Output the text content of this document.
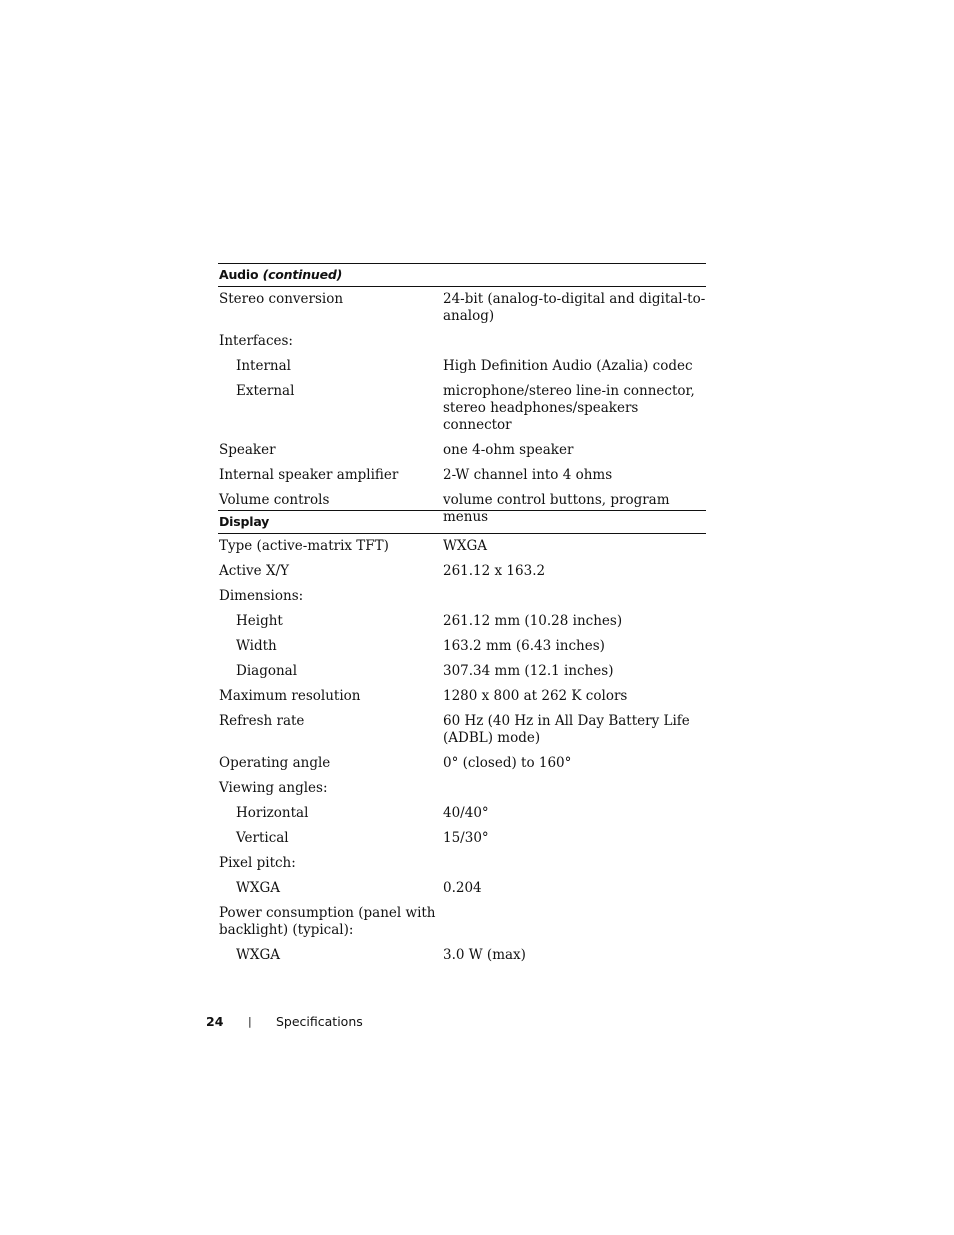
Audio (continued)
Stereo conversion	24-bit (analog-to-digital and digital-to-analog)
Interfaces:
Internal	High Definition Audio (Azalia) codec
External	microphone/stereo line-in connector, stereo headphones/speakers connector
Speaker	one 4-ohm speaker
Internal speaker amplifier	2-W channel into 4 ohms
Volume controls	volume control buttons, program menus
Display
Type (active-matrix TFT)	WXGA
Active X/Y	261.12 x 163.2
Dimensions:
Height	261.12 mm (10.28 inches)
Width	163.2 mm (6.43 inches)
Diagonal	307.34 mm (12.1 inches)
Maximum resolution	1280 x 800 at 262 K colors
Refresh rate	60 Hz (40 Hz in All Day Battery Life (ADBL) mode)
Operating angle	0° (closed) to 160°
Viewing angles:
Horizontal	40/40°
Vertical	15/30°
Pixel pitch:
WXGA	0.204
Power consumption (panel with backlight) (typical):
WXGA	3.0 W (max)
24	|	Specifications
